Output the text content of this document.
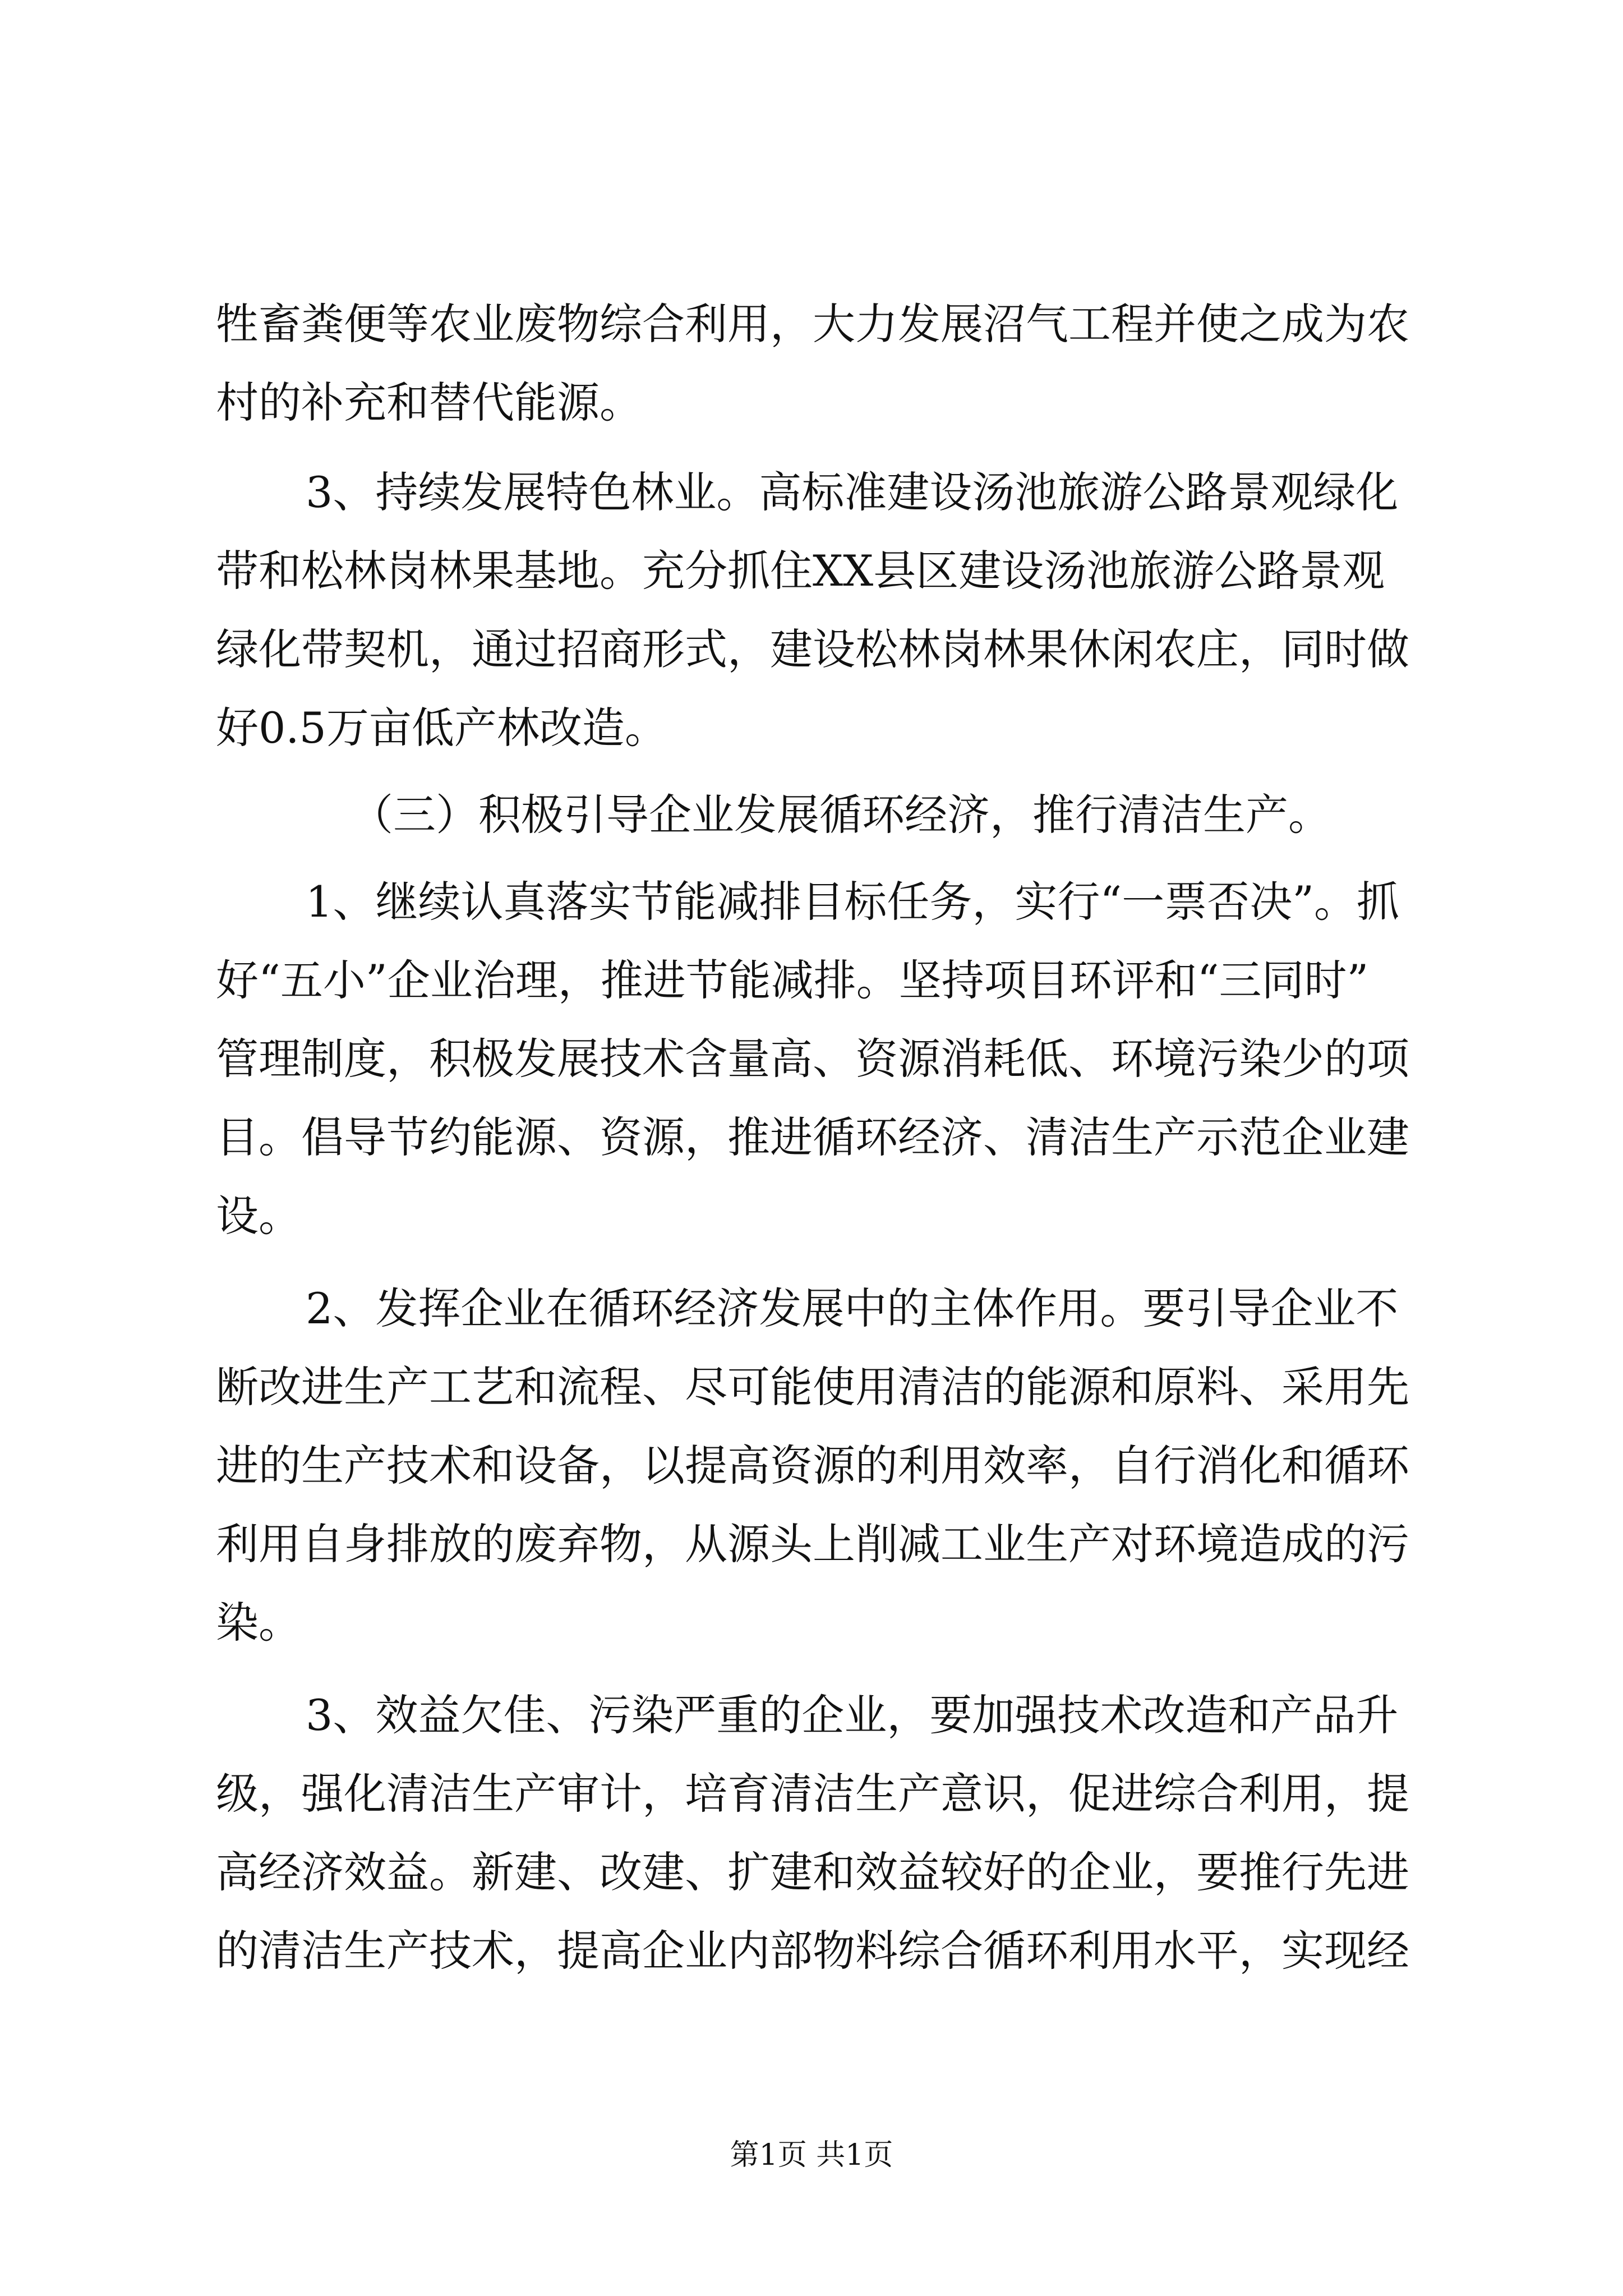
牲畜粪便等农业废物综合利用，大力发展沼气工程并使之成为农
村的补充和替代能源。
3、持续发展特色林业。高标准建设汤池旅游公路景观绿化
带和松林岗林果基地。充分抓住XX县区建设汤池旅游公路景观
绿化带契机，通过招商形式，建设松林岗林果休闲农庄，同时做
好0.5万亩低产林改造。
（三）积极引导企业发展循环经济，推行清洁生产。
1、继续认真落实节能减排目标任务，实行“一票否决”。抓
好“五小”企业治理，推进节能减排。坚持项目环评和“三同时”
管理制度，积极发展技术含量高、资源消耗低、环境污染少的项
目。倡导节约能源、资源，推进循环经济、清洁生产示范企业建
设。
2、发挥企业在循环经济发展中的主体作用。要引导企业不
断改进生产工艺和流程、尽可能使用清洁的能源和原料、采用先
进的生产技术和设备，以提高资源的利用效率，自行消化和循环
利用自身排放的废弃物，从源头上削减工业生产对环境造成的污
染。
3、效益欠佳、污染严重的企业，要加强技术改造和产品升
级，强化清洁生产审计，培育清洁生产意识，促进综合利用，提
高经济效益。新建、改建、扩建和效益较好的企业，要推行先进
的清洁生产技术，提高企业内部物料综合循环利用水平，实现经
第1页 共1页
